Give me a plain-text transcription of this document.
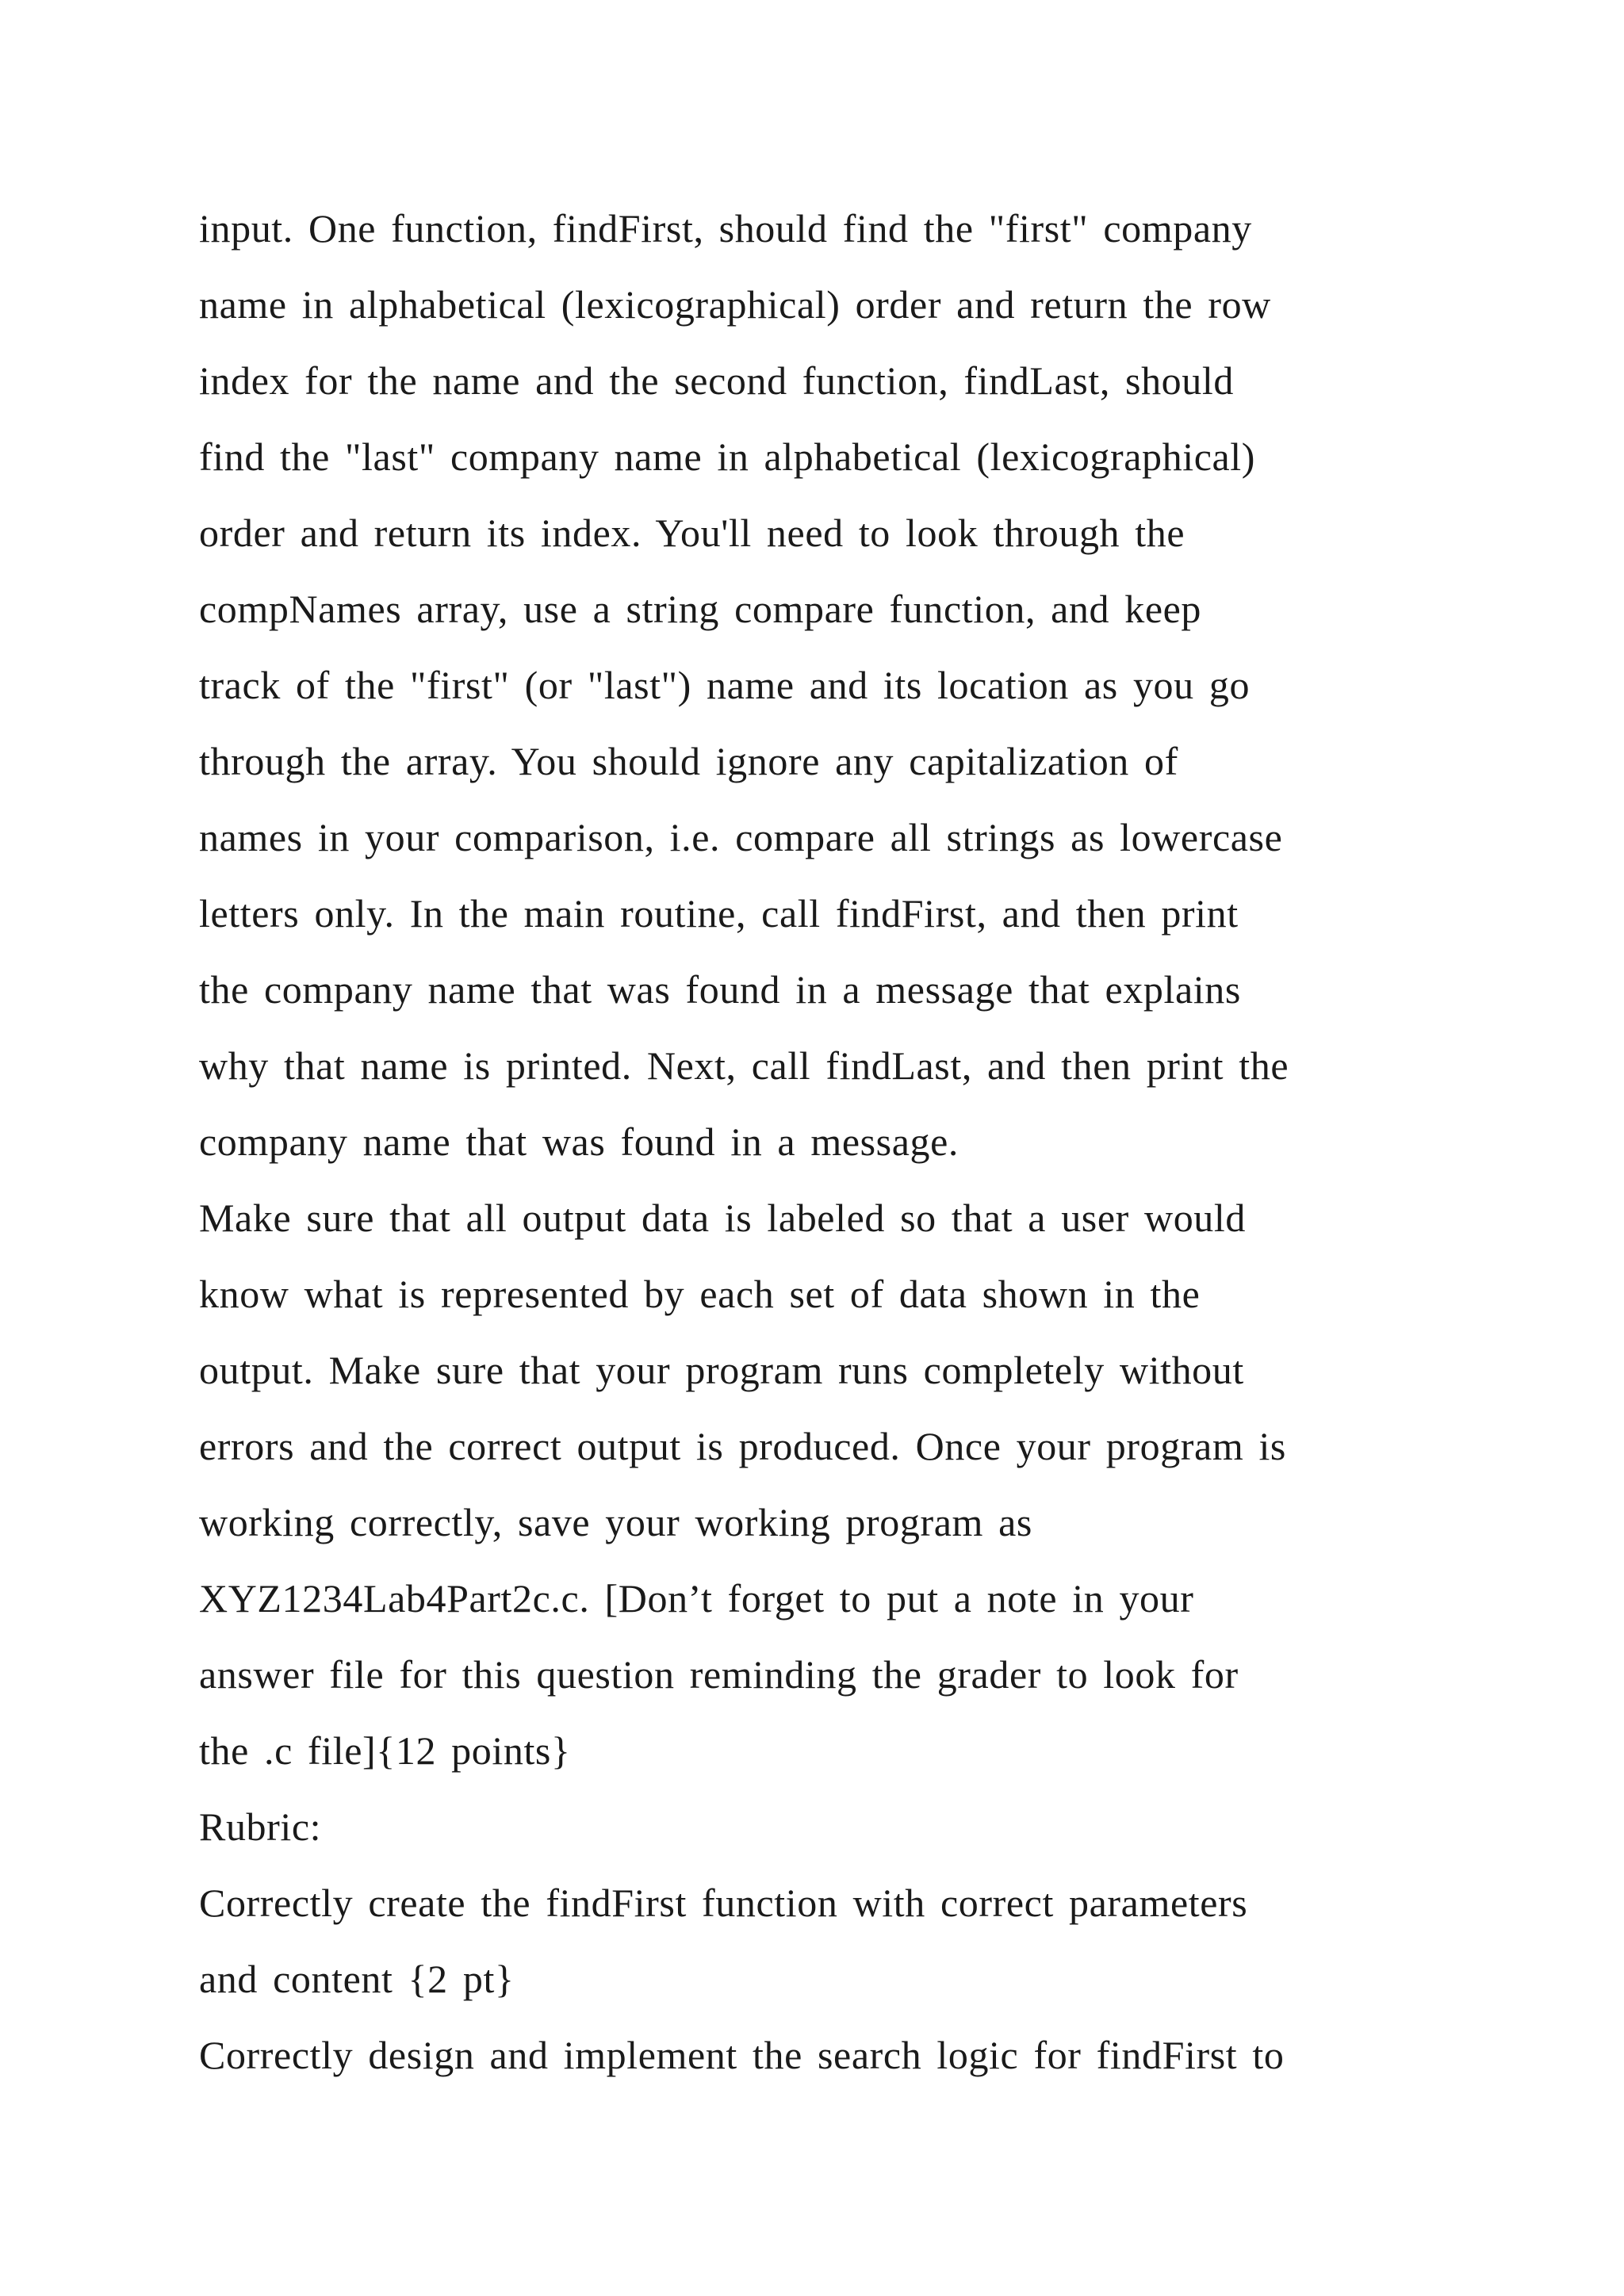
input. One function, findFirst, should find the "first" company
name in alphabetical (lexicographical) order and return the row
index for the name and the second function, findLast, should
find the "last" company name in alphabetical (lexicographical)
order and return its index. You'll need to look through the
compNames array, use a string compare function, and keep
track of the "first" (or "last") name and its location as you go
through the array. You should ignore any capitalization of
names in your comparison, i.e. compare all strings as lowercase
letters only. In the main routine, call findFirst, and then print
the company name that was found in a message that explains
why that name is printed. Next, call findLast, and then print the
company name that was found in a message.
Make sure that all output data is labeled so that a user would
know what is represented by each set of data shown in the
output. Make sure that your program runs completely without
errors and the correct output is produced. Once your program is
working correctly, save your working program as
XYZ1234Lab4Part2c.c. [Don’t forget to put a note in your
answer file for this question reminding the grader to look for
the .c file]{12 points}
Rubric:
Correctly create the findFirst function with correct parameters
and content {2 pt}
Correctly design and implement the search logic for findFirst to
